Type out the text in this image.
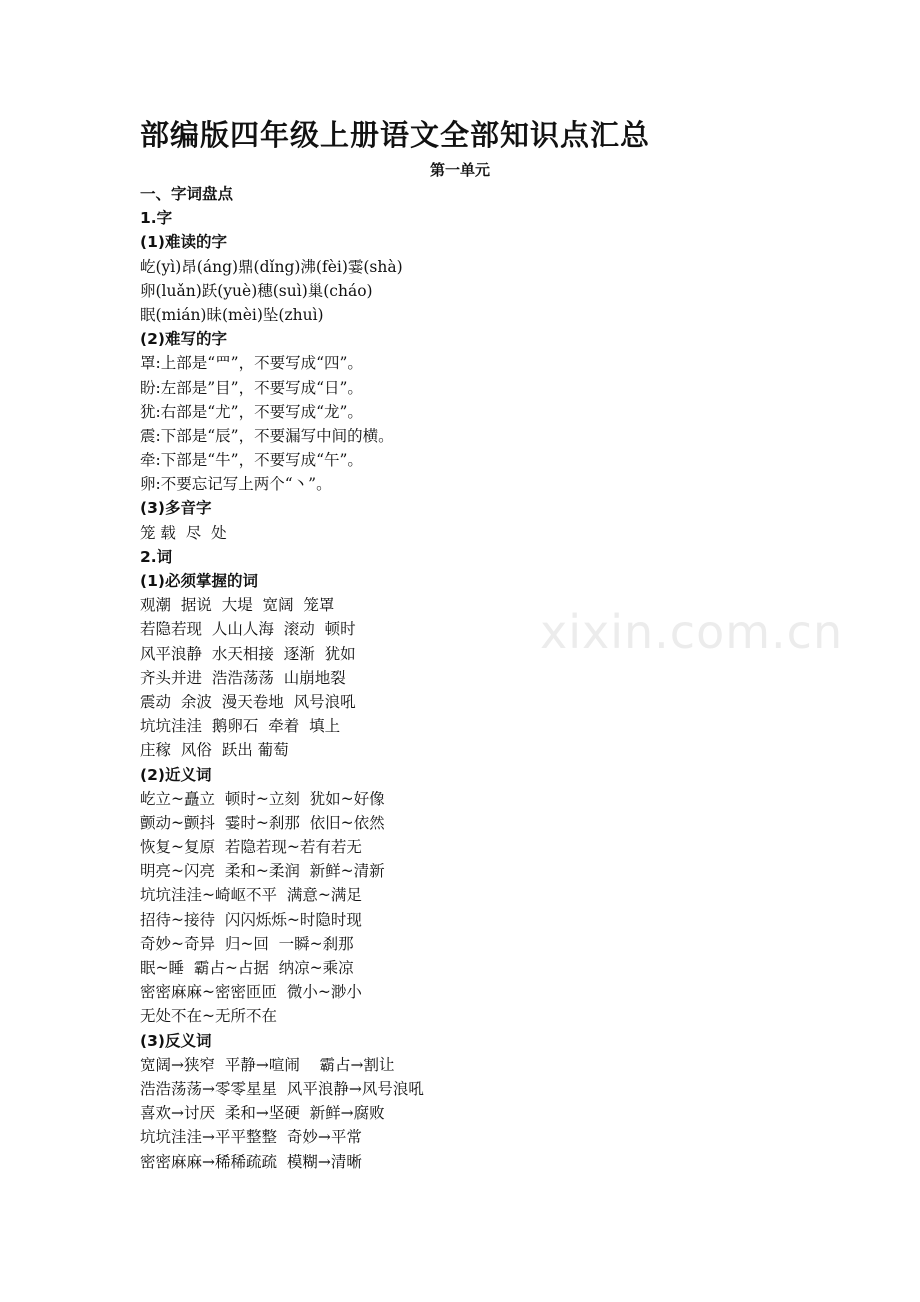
xixin.com.cn
部编版四年级上册语文全部知识点汇总
第一单元
一、字词盘点
1.字
(1)难读的字
屹(yì)昂(áng)鼎(dǐng)沸(fèi)霎(shà)
卵(luǎn)跃(yuè)穗(suì)巢(cháo)
眠(mián)昧(mèi)坠(zhuì)
(2)难写的字
罩:上部是“罒”，不要写成“四”。
盼:左部是”目”，不要写成“日”。
犹:右部是“尤”，不要写成“龙”。
震:下部是“辰”，不要漏写中间的横。
牵:下部是“牛”，不要写成“午”。
卵:不要忘记写上两个“丶”。
(3)多音字
笼 载  尽  处
2.词
(1)必须掌握的词
观潮  据说  大堤  宽阔  笼罩
若隐若现  人山人海  滚动  顿时
风平浪静  水天相接  逐渐  犹如
齐头并进  浩浩荡荡  山崩地裂
震动  余波  漫天卷地  风号浪吼
坑坑洼洼  鹅卵石  牵着  填上
庄稼  风俗  跃出 葡萄
(2)近义词
屹立~矗立  顿时~立刻  犹如~好像
颤动~颤抖  霎时~刹那  依旧~依然
恢复~复原  若隐若现~若有若无
明亮~闪亮  柔和~柔润  新鲜~清新
坑坑洼洼~崎岖不平  满意~满足
招待~接待  闪闪烁烁~时隐时现
奇妙~奇异  归~回  一瞬~刹那
眠~睡  霸占~占据  纳凉~乘凉
密密麻麻~密密匝匝  微小~渺小
无处不在~无所不在
(3)反义词
宽阔→狭窄  平静→喧闹    霸占→割让
浩浩荡荡→零零星星  风平浪静→风号浪吼
喜欢→讨厌  柔和→坚硬  新鲜→腐败
坑坑洼洼→平平整整  奇妙→平常
密密麻麻→稀稀疏疏  模糊→清晰
